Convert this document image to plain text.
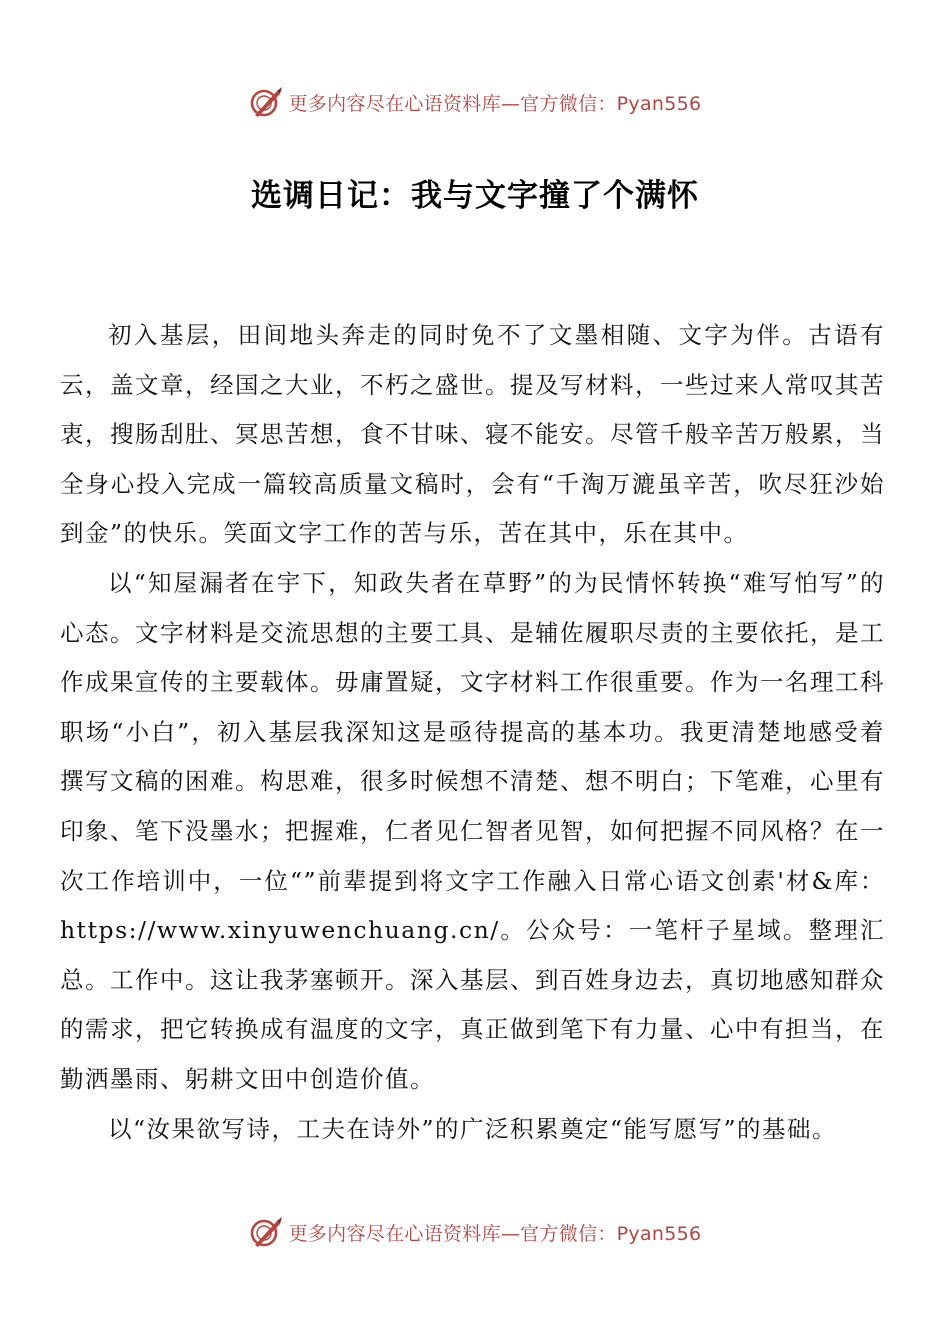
更多内容尽在心语资料库—官方微信：Pyan556
选调日记：我与文字撞了个满怀

初入基层，田间地头奔走的同时免不了文墨相随、文字为伴。古语有云，盖文章，经国之大业，不朽之盛世。提及写材料，一些过来人常叹其苦衷，搜肠刮肚、冥思苦想，食不甘味、寝不能安。尽管千般辛苦万般累，当全身心投入完成一篇较高质量文稿时，会有“千淘万漉虽辛苦，吹尽狂沙始到金”的快乐。笑面文字工作的苦与乐，苦在其中，乐在其中。

以“知屋漏者在宇下，知政失者在草野”的为民情怀转换“难写怕写”的心态。文字材料是交流思想的主要工具、是辅佐履职尽责的主要依托，是工作成果宣传的主要载体。毋庸置疑，文字材料工作很重要。作为一名理工科职场“小白”，初入基层我深知这是亟待提高的基本功。我更清楚地感受着撰写文稿的困难。构思难，很多时候想不清楚、想不明白；下笔难，心里有印象、笔下没墨水；把握难，仁者见仁智者见智，如何把握不同风格？在一次工作培训中，一位“”前辈提到将文字工作融入日常心语文创素'材&库：https://www.xinyuwenchuang.cn/。公众号：一笔杆子星域。整理汇总。工作中。这让我茅塞顿开。深入基层、到百姓身边去，真切地感知群众的需求，把它转换成有温度的文字，真正做到笔下有力量、心中有担当，在勤洒墨雨、躬耕文田中创造价值。

以“汝果欲写诗，工夫在诗外”的广泛积累奠定“能写愿写”的基础。

更多内容尽在心语资料库—官方微信：Pyan556
